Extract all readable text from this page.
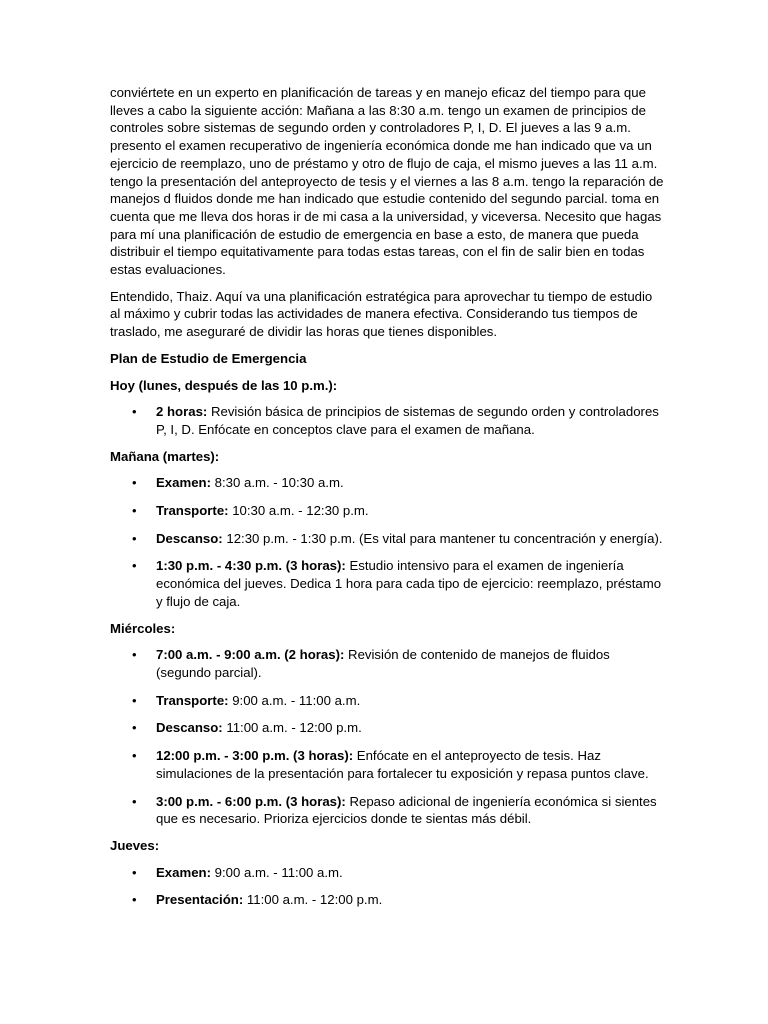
conviértete en un experto en planificación de tareas y en manejo eficaz del tiempo para que lleves a cabo la siguiente acción: Mañana a las 8:30 a.m. tengo un examen de principios de controles sobre sistemas de segundo orden y controladores P, I, D. El jueves a las 9 a.m. presento el examen recuperativo de ingeniería económica donde me han indicado que va un ejercicio de reemplazo, uno de préstamo y otro de flujo de caja, el mismo jueves a las 11 a.m. tengo la presentación del anteproyecto de tesis y el viernes a las 8 a.m. tengo la reparación de manejos d fluidos donde me han indicado que estudie contenido del segundo parcial. toma en cuenta que me lleva dos horas ir de mi casa a la universidad, y viceversa. Necesito que hagas para mí una planificación de estudio de emergencia en base a esto, de manera que pueda distribuir el tiempo equitativamente para todas estas tareas, con el fin de salir bien en todas estas evaluaciones.

Entendido, Thaiz. Aquí va una planificación estratégica para aprovechar tu tiempo de estudio al máximo y cubrir todas las actividades de manera efectiva. Considerando tus tiempos de traslado, me aseguraré de dividir las horas que tienes disponibles.

Plan de Estudio de Emergencia

Hoy (lunes, después de las 10 p.m.):

• 2 horas: Revisión básica de principios de sistemas de segundo orden y controladores P, I, D. Enfócate en conceptos clave para el examen de mañana.

Mañana (martes):

• Examen: 8:30 a.m. - 10:30 a.m.
• Transporte: 10:30 a.m. - 12:30 p.m.
• Descanso: 12:30 p.m. - 1:30 p.m. (Es vital para mantener tu concentración y energía).
• 1:30 p.m. - 4:30 p.m. (3 horas): Estudio intensivo para el examen de ingeniería económica del jueves. Dedica 1 hora para cada tipo de ejercicio: reemplazo, préstamo y flujo de caja.

Miércoles:

• 7:00 a.m. - 9:00 a.m. (2 horas): Revisión de contenido de manejos de fluidos (segundo parcial).
• Transporte: 9:00 a.m. - 11:00 a.m.
• Descanso: 11:00 a.m. - 12:00 p.m.
• 12:00 p.m. - 3:00 p.m. (3 horas): Enfócate en el anteproyecto de tesis. Haz simulaciones de la presentación para fortalecer tu exposición y repasa puntos clave.
• 3:00 p.m. - 6:00 p.m. (3 horas): Repaso adicional de ingeniería económica si sientes que es necesario. Prioriza ejercicios donde te sientas más débil.

Jueves:

• Examen: 9:00 a.m. - 11:00 a.m.
• Presentación: 11:00 a.m. - 12:00 p.m.
